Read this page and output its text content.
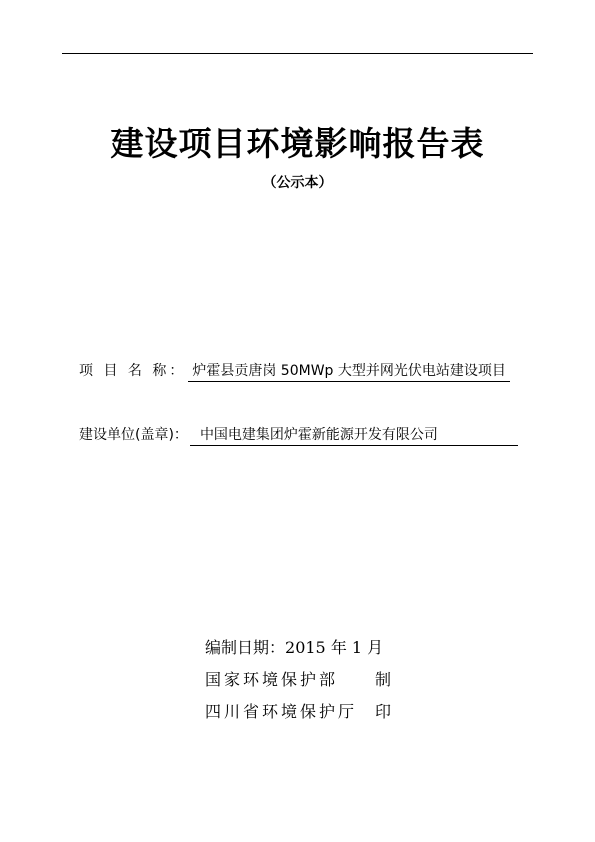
建设项目环境影响报告表
（公示本）
项 目 名 称： 炉霍县贡唐岗 50MWp 大型并网光伏电站建设项目
建设单位(盖章)： 中国电建集团炉霍新能源开发有限公司
编制日期：2015 年 1 月
国家环境保护部 制
四川省环境保护厅 印
